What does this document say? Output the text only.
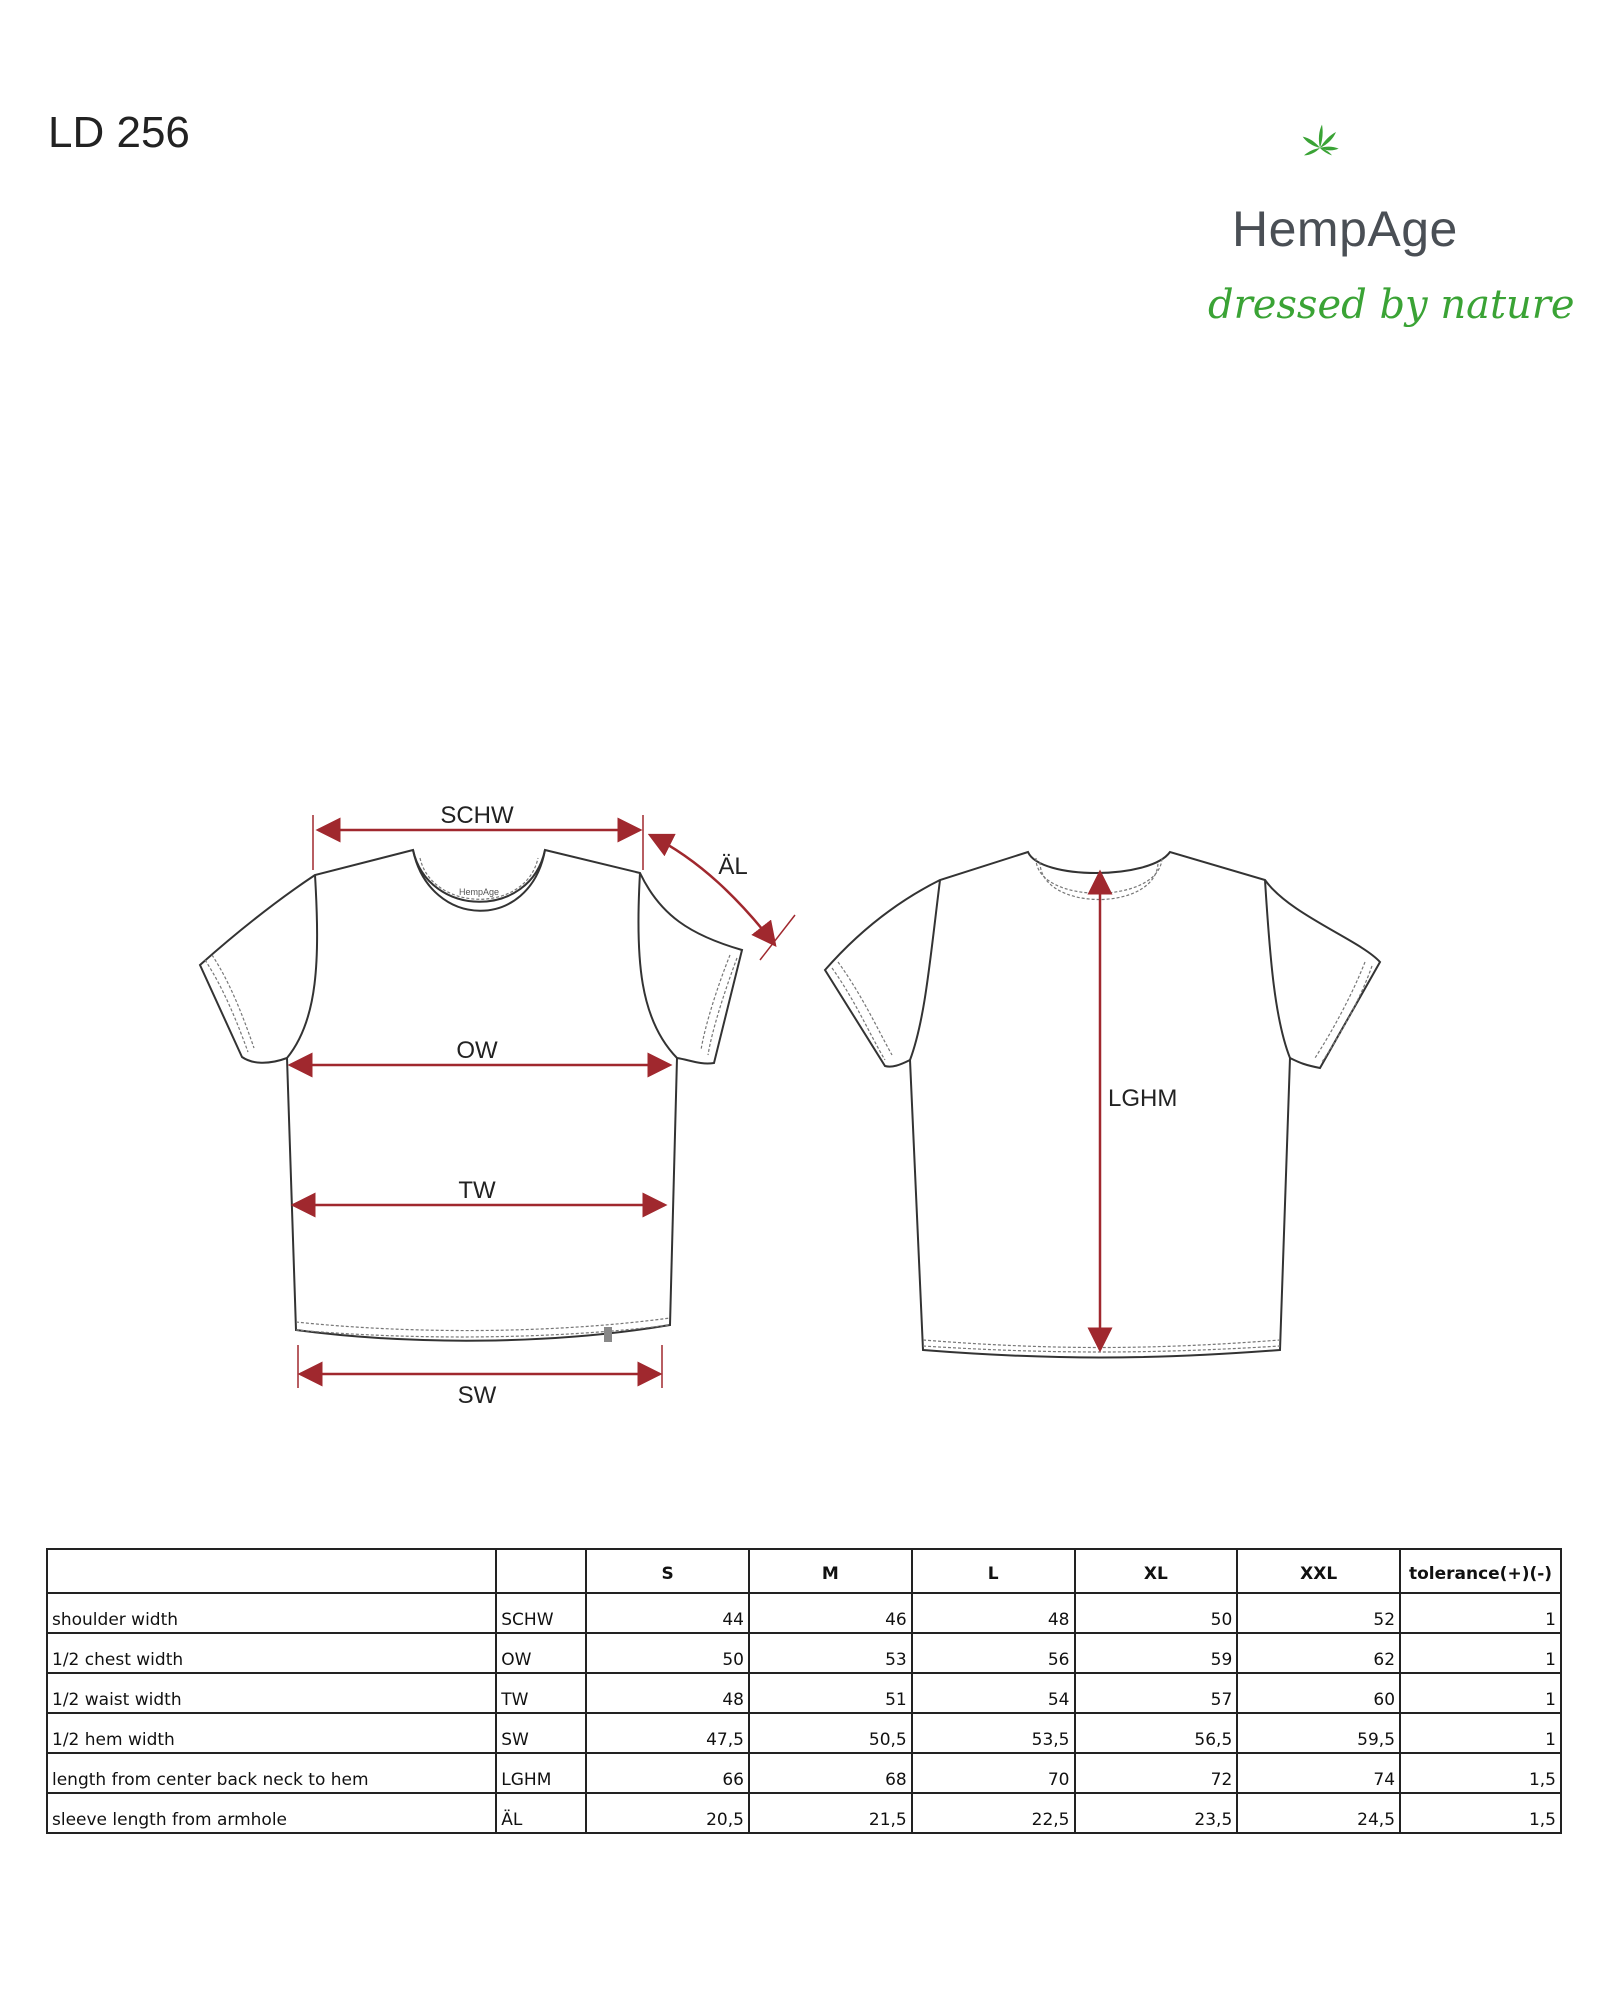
LD 256
HempAge
dressed by nature
HempAge
SCHW
ÄL
OW
TW
SW
LGHM
		S	M	L	XL	XXL	tolerance(+)(-)
shoulder width	SCHW	44	46	48	50	52	1
1/2 chest width	OW	50	53	56	59	62	1
1/2 waist width	TW	48	51	54	57	60	1
1/2 hem width	SW	47,5	50,5	53,5	56,5	59,5	1
length from center back neck to hem	LGHM	66	68	70	72	74	1,5
sleeve length from armhole	ÄL	20,5	21,5	22,5	23,5	24,5	1,5
